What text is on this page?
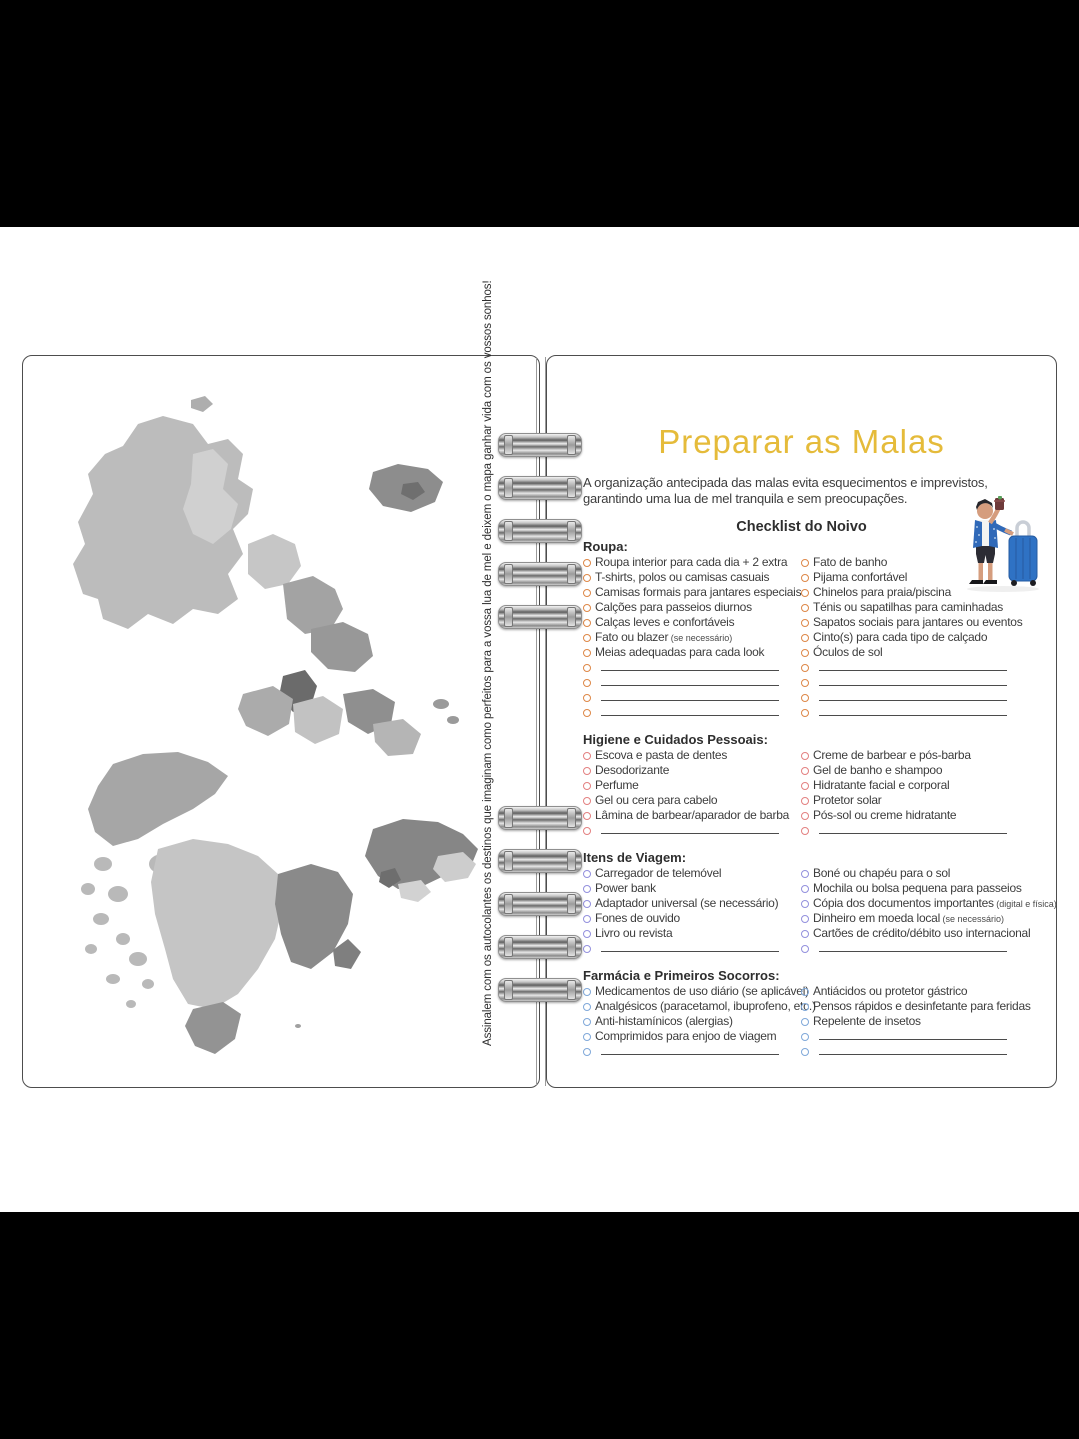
Assinalem com os autocolantes os destinos que imaginam como perfeitos para a vossa lua de mel e deixem o mapa ganhar vida com os vossos sonhos!	Preparar as Malas
A organização antecipada das malas evita esquecimentos e imprevistos, garantindo uma lua de mel tranquila e sem preocupações.
Checklist do Noivo
Roupa:
Roupa interior para cada dia + 2 extra
T-shirts, polos ou camisas casuais
Camisas formais para jantares especiais
Calções para passeios diurnos
Calças leves e confortáveis
Fato ou blazer (se necessário)
Meias adequadas para cada look
Fato de banho
Pijama confortável
Chinelos para praia/piscina
Ténis ou sapatilhas para caminhadas
Sapatos sociais para jantares ou eventos
Cinto(s) para cada tipo de calçado
Óculos de sol
Higiene e Cuidados Pessoais:
Escova e pasta de dentes
Desodorizante
Perfume
Gel ou cera para cabelo
Lâmina de barbear/aparador de barba
Creme de barbear e pós-barba
Gel de banho e shampoo
Hidratante facial e corporal
Protetor solar
Pós-sol ou creme hidratante
Itens de Viagem:
Carregador de telemóvel
Power bank
Adaptador universal (se necessário)
Fones de ouvido
Livro ou revista
Boné ou chapéu para o sol
Mochila ou bolsa pequena para passeios
Cópia dos documentos importantes (digital e física)
Dinheiro em moeda local (se necessário)
Cartões de crédito/débito uso internacional
Farmácia e Primeiros Socorros:
Medicamentos de uso diário (se aplicável)
Analgésicos (paracetamol, ibuprofeno, etc.)
Anti-histamínicos (alergias)
Comprimidos para enjoo de viagem
Antiácidos ou protetor gástrico
Pensos rápidos e desinfetante para feridas
Repelente de insetos
